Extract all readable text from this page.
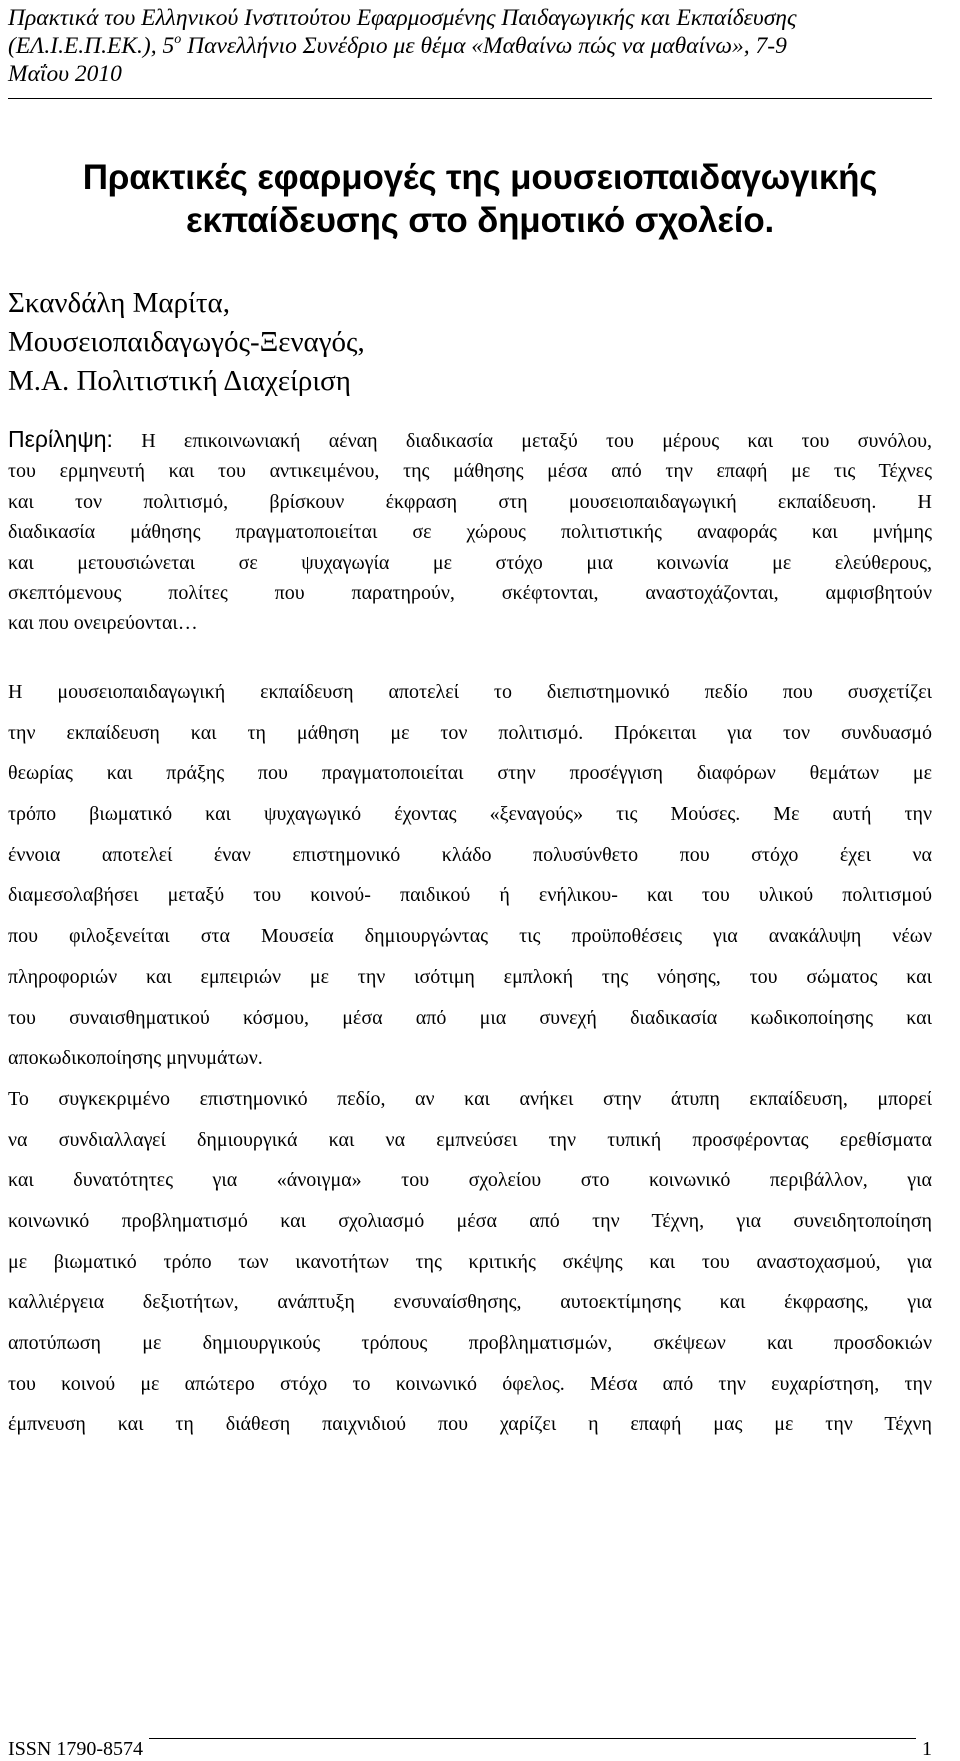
Πρακτικά του Ελληνικού Ινστιτούτου Εφαρμοσμένης Παιδαγωγικής και Εκπαίδευσης
(ΕΛ.Ι.Ε.Π.ΕΚ.), $5^o$ Πανελλήνιο Συνέδριο με θέμα «Μαθαίνω πώς να μαθαίνω», 7-9
Μαΐου 2010
Πρακτικές εφαρμογές της μουσειοπαιδαγωγικής
εκπαίδευσης στο δημοτικό σχολείο.
Σκανδάλη Μαρίτα,
Μουσειοπαιδαγωγός-Ξεναγός,
Μ.Α. Πολιτιστική Διαχείριση
Περίληψη: Η επικοινωνιακή αέναη διαδικασία μεταξύ του μέρους και του συνόλου,
του ερμηνευτή και του αντικειμένου, της μάθησης μέσα από την επαφή με τις Τέχνες
και τον πολιτισμό, βρίσκουν έκφραση στη μουσειοπαιδαγωγική εκπαίδευση. Η
διαδικασία μάθησης πραγματοποιείται σε χώρους πολιτιστικής αναφοράς και μνήμης
και μετουσιώνεται σε ψυχαγωγία με στόχο μια κοινωνία με ελεύθερους,
σκεπτόμενους πολίτες που παρατηρούν, σκέφτονται, αναστοχάζονται, αμφισβητούν
και που ονειρεύονται…
Η μουσειοπαιδαγωγική εκπαίδευση αποτελεί το διεπιστημονικό πεδίο που συσχετίζει
την εκπαίδευση και τη μάθηση με τον πολιτισμό. Πρόκειται για τον συνδυασμό
θεωρίας και πράξης που πραγματοποιείται στην προσέγγιση διαφόρων θεμάτων με
τρόπο βιωματικό και ψυχαγωγικό έχοντας «ξεναγούς» τις Μούσες. Με αυτή την
έννοια αποτελεί έναν επιστημονικό κλάδο πολυσύνθετο που στόχο έχει να
διαμεσολαβήσει μεταξύ του κοινού- παιδικού ή ενήλικου- και του υλικού πολιτισμού
που φιλοξενείται στα Μουσεία δημιουργώντας τις προϋποθέσεις για ανακάλυψη νέων
πληροφοριών και εμπειριών με την ισότιμη εμπλοκή της νόησης, του σώματος και
του συναισθηματικού κόσμου, μέσα από μια συνεχή διαδικασία κωδικοποίησης και
αποκωδικοποίησης μηνυμάτων.
Το συγκεκριμένο επιστημονικό πεδίο, αν και ανήκει στην άτυπη εκπαίδευση, μπορεί
να συνδιαλλαγεί δημιουργικά και να εμπνεύσει την τυπική προσφέροντας ερεθίσματα
και δυνατότητες για «άνοιγμα» του σχολείου στο κοινωνικό περιβάλλον, για
κοινωνικό προβληματισμό και σχολιασμό μέσα από την Τέχνη, για συνειδητοποίηση
με βιωματικό τρόπο των ικανοτήτων της κριτικής σκέψης και του αναστοχασμού, για
καλλιέργεια δεξιοτήτων, ανάπτυξη ενσυναίσθησης, αυτοεκτίμησης και έκφρασης, για
αποτύπωση με δημιουργικούς τρόπους προβληματισμών, σκέψεων και προσδοκιών
του κοινού με απώτερο στόχο το κοινωνικό όφελος. Μέσα από την ευχαρίστηση, την
έμπνευση και τη διάθεση παιχνιδιού που χαρίζει η επαφή μας με την Τέχνη
ISSN 1790-8574	1
